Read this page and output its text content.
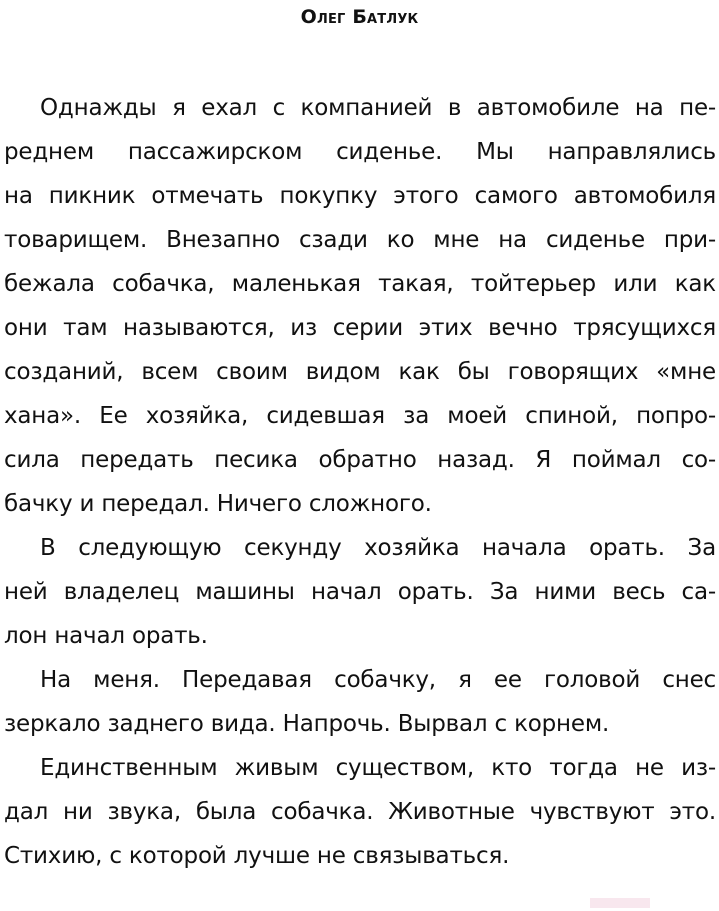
Олег Батлук
Однажды я ехал с компанией в автомобиле на пе-
реднем пассажирском сиденье. Мы направлялись
на пикник отмечать покупку этого самого автомобиля
товарищем. Внезапно сзади ко мне на сиденье при-
бежала собачка, маленькая такая, тойтерьер или как
они там называются, из серии этих вечно трясущихся
созданий, всем своим видом как бы говорящих «мне
хана». Ее хозяйка, сидевшая за моей спиной, попро-
сила передать песика обратно назад. Я поймал со-
бачку и передал. Ничего сложного.
В следующую секунду хозяйка начала орать. За
ней владелец машины начал орать. За ними весь са-
лон начал орать.
На меня. Передавая собачку, я ее головой снес
зеркало заднего вида. Напрочь. Вырвал с корнем.
Единственным живым существом, кто тогда не из-
дал ни звука, была собачка. Животные чувствуют это.
Стихию, с которой лучше не связываться.
